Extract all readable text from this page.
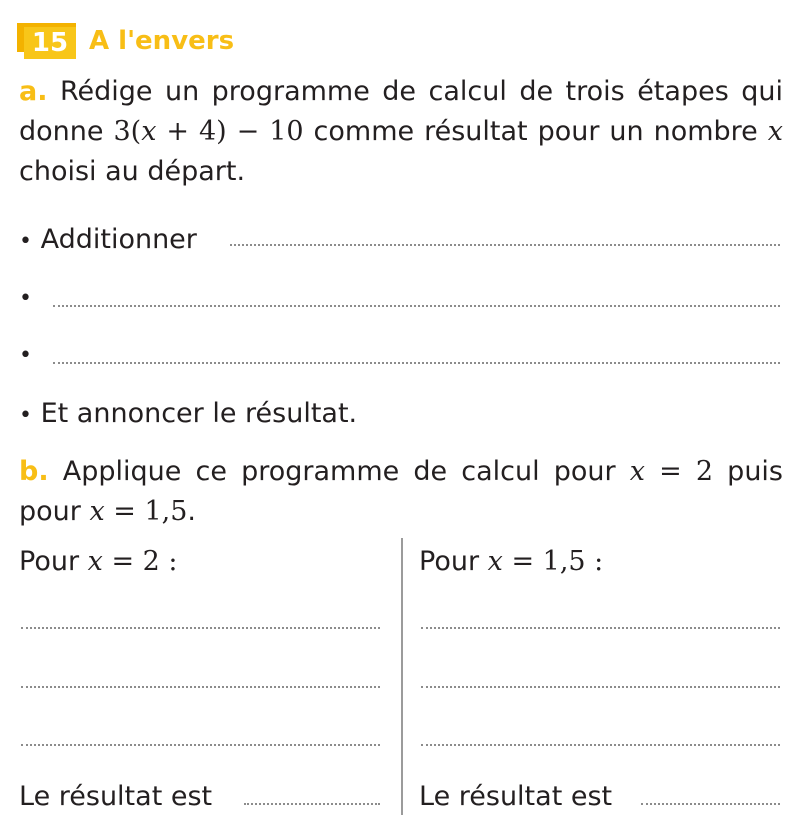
15 A l'envers
a. Rédige un programme de calcul de trois étapes qui donne 3(x + 4) − 10 comme résultat pour un nombre x choisi au départ.
• Additionner
•
•
• Et annoncer le résultat.
b. Applique ce programme de calcul pour x = 2 puis pour x = 1,5.
Pour x = 2 :	Pour x = 1,5 :
Le résultat est	Le résultat est
